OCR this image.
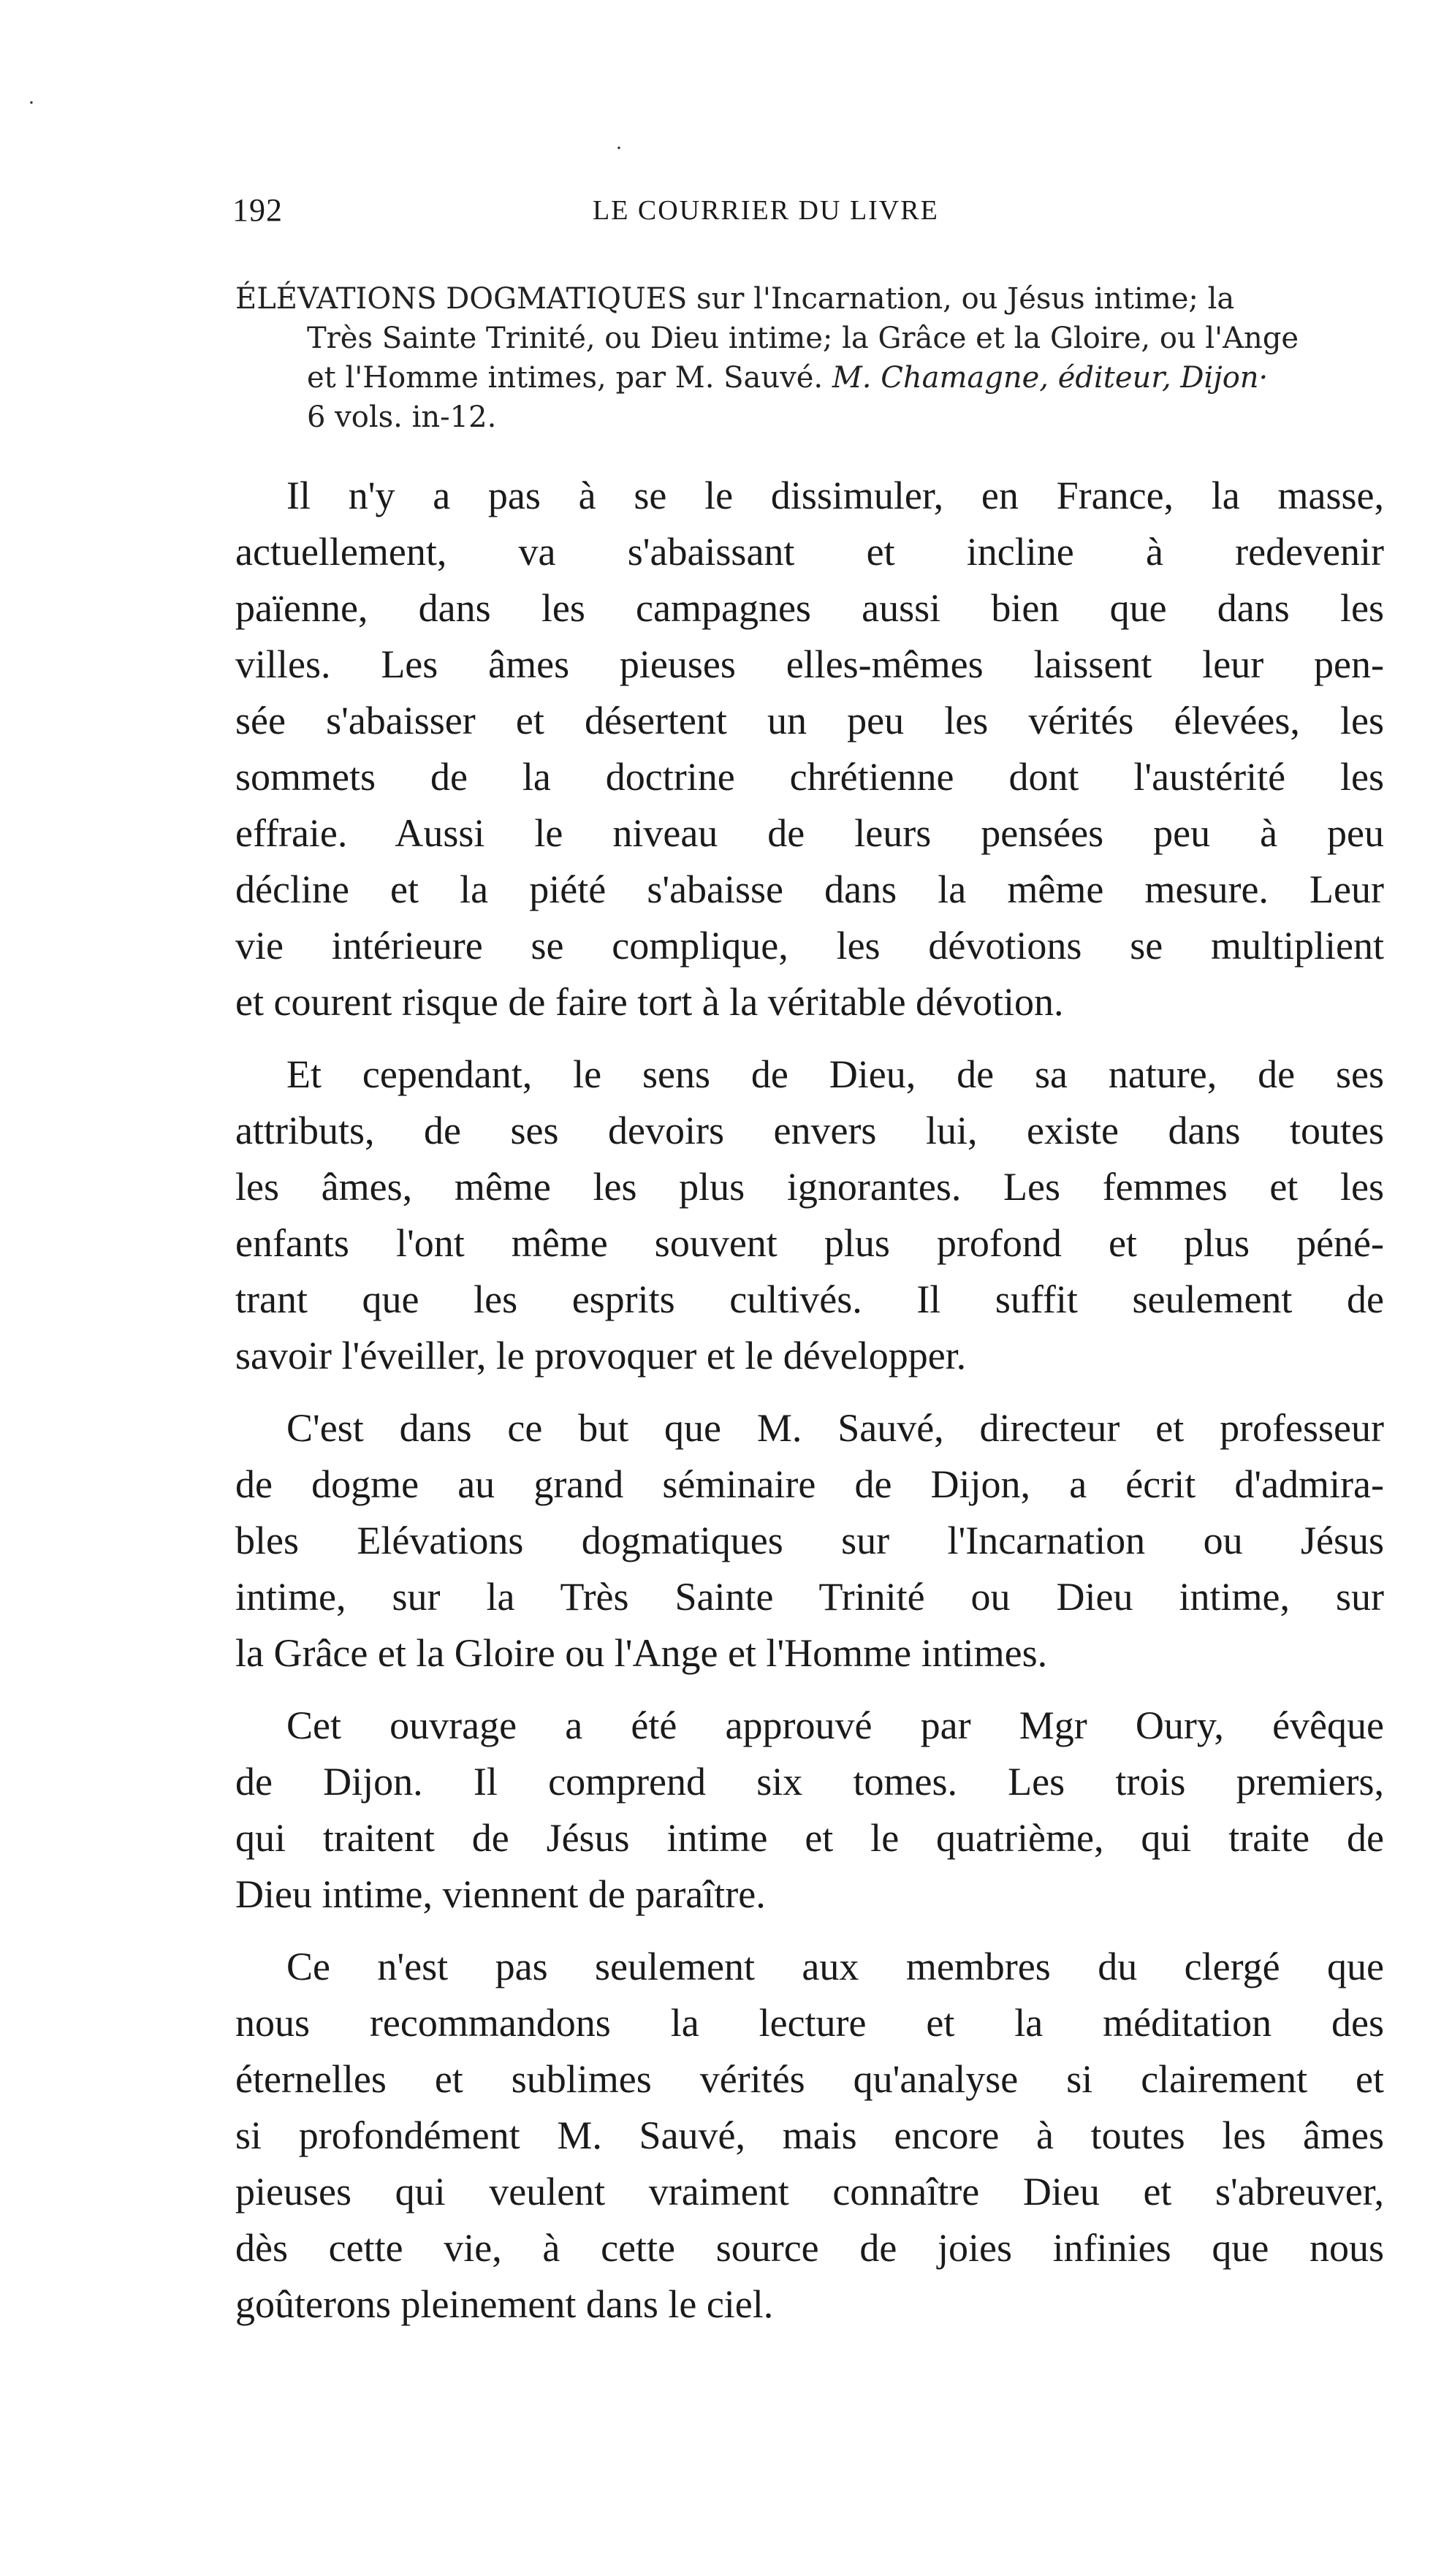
·
·
192	LE COURRIER DU LIVRE
ÉLÉVATIONS DOGMATIQUES sur l'Incarnation, ou Jésus intime; la
Très Sainte Trinité, ou Dieu intime; la Grâce et la Gloire, ou l'Ange
et l'Homme intimes, par M. Sauvé. M. Chamagne, éditeur, Dijon·
6 vols. in-12.
Il n'y a pas à se le dissimuler, en France, la masse,
actuellement, va s'abaissant et incline à redevenir
païenne, dans les campagnes aussi bien que dans les
villes. Les âmes pieuses elles-mêmes laissent leur pen-
sée s'abaisser et désertent un peu les vérités élevées, les
sommets de la doctrine chrétienne dont l'austérité les
effraie. Aussi le niveau de leurs pensées peu à peu
décline et la piété s'abaisse dans la même mesure. Leur
vie intérieure se complique, les dévotions se multiplient
et courent risque de faire tort à la véritable dévotion.
Et cependant, le sens de Dieu, de sa nature, de ses
attributs, de ses devoirs envers lui, existe dans toutes
les âmes, même les plus ignorantes. Les femmes et les
enfants l'ont même souvent plus profond et plus péné-
trant que les esprits cultivés. Il suffit seulement de
savoir l'éveiller, le provoquer et le développer.
C'est dans ce but que M. Sauvé, directeur et professeur
de dogme au grand séminaire de Dijon, a écrit d'admira-
bles Elévations dogmatiques sur l'Incarnation ou Jésus
intime, sur la Très Sainte Trinité ou Dieu intime, sur
la Grâce et la Gloire ou l'Ange et l'Homme intimes.
Cet ouvrage a été approuvé par Mgr Oury, évêque
de Dijon. Il comprend six tomes. Les trois premiers,
qui traitent de Jésus intime et le quatrième, qui traite de
Dieu intime, viennent de paraître.
Ce n'est pas seulement aux membres du clergé que
nous recommandons la lecture et la méditation des
éternelles et sublimes vérités qu'analyse si clairement et
si profondément M. Sauvé, mais encore à toutes les âmes
pieuses qui veulent vraiment connaître Dieu et s'abreuver,
dès cette vie, à cette source de joies infinies que nous
goûterons pleinement dans le ciel.
